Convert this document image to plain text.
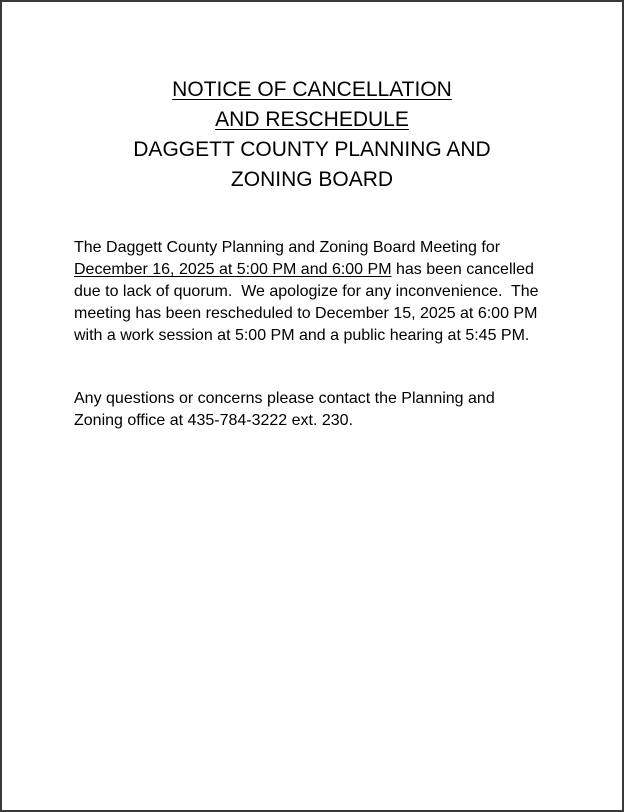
NOTICE OF CANCELLATION
AND RESCHEDULE
DAGGETT COUNTY PLANNING AND
ZONING BOARD
The Daggett County Planning and Zoning Board Meeting for
December 16, 2025 at 5:00 PM and 6:00 PM has been cancelled
due to lack of quorum.  We apologize for any inconvenience.  The
meeting has been rescheduled to December 15, 2025 at 6:00 PM
with a work session at 5:00 PM and a public hearing at 5:45 PM.
Any questions or concerns please contact the Planning and
Zoning office at 435-784-3222 ext. 230.
